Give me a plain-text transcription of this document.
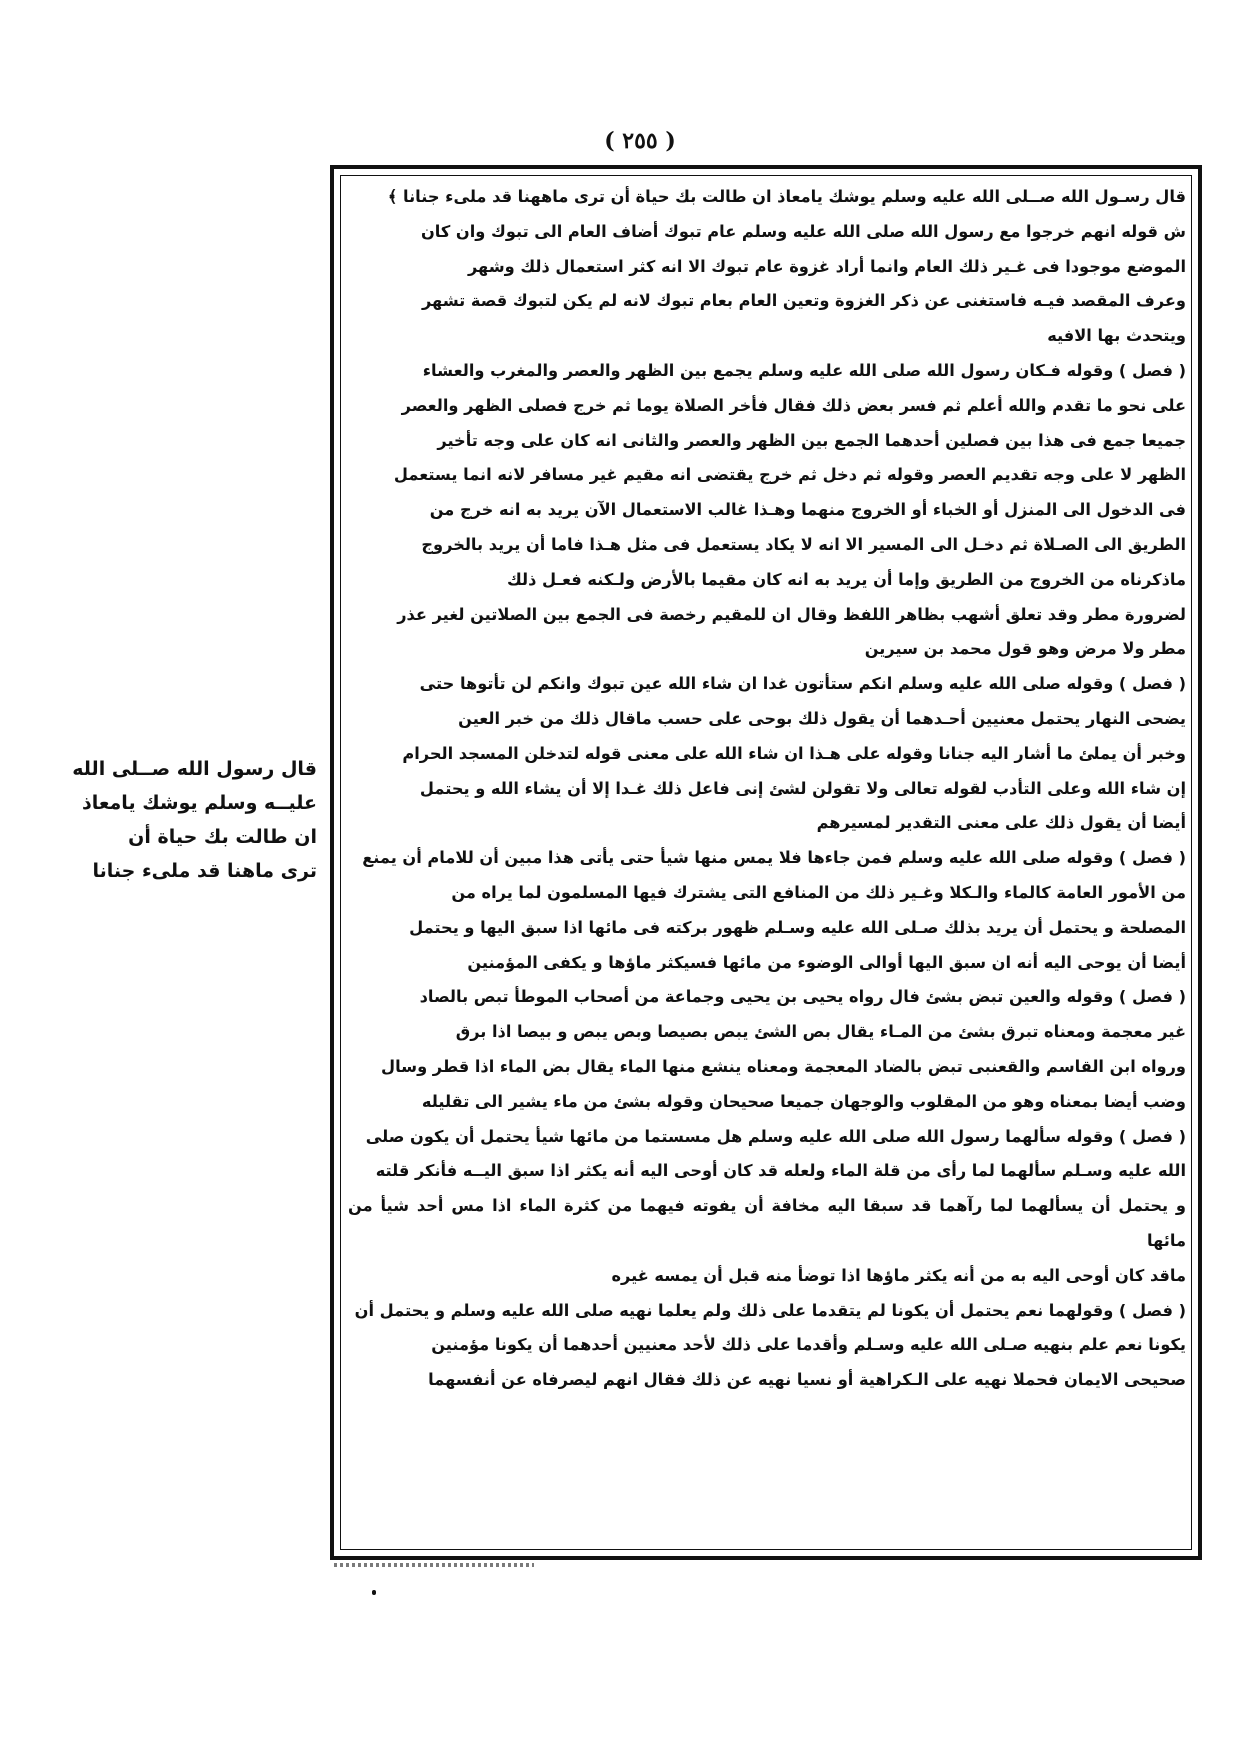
( ٢٥٥ )

قال رسـول الله صــلى الله عليه وسلم يوشك يامعاذ ان طالت بك حياة أن ترى ماههنا قد ملىء جنانا ﴾

ش قوله انهم خرجوا مع رسول الله صلى الله عليه وسلم عام تبوك أضاف العام الى تبوك وان كان

الموضع موجودا فى غـير ذلك العام وانما أراد غزوة عام تبوك الا انه كثر استعمال ذلك وشهر

وعرف المقصد فيـه فاستغنى عن ذكر الغزوة وتعين العام بعام تبوك لانه لم يكن لتبوك قصة تشهر

ويتحدث بها الافيه

( فصل ) وقوله فـكان رسول الله صلى الله عليه وسلم يجمع بين الظهر والعصر والمغرب والعشاء

على نحو ما تقدم والله أعلم ثم فسر بعض ذلك فقال فأخر الصلاة يوما ثم خرج فصلى الظهر والعصر

جميعا جمع فى هذا بين فصلين أحدهما الجمع بين الظهر والعصر والثانى انه كان على وجه تأخير

الظهر لا على وجه تقديم العصر وقوله ثم دخل ثم خرج يقتضى انه مقيم غير مسافر لانه انما يستعمل

فى الدخول الى المنزل أو الخباء أو الخروج منهما وهـذا غالب الاستعمال الآن يريد به انه خرج من

الطريق الى الصـلاة ثم دخـل الى المسير الا انه لا يكاد يستعمل فى مثل هـذا فاما أن يريد بالخروج

ماذكرناه من الخروج من الطريق وإما أن يريد به انه كان مقيما بالأرض ولـكنه فعـل ذلك

لضرورة مطر وقد تعلق أشهب بظاهر اللفظ وقال ان للمقيم رخصة فى الجمع بين الصلاتين لغير عذر

مطر ولا مرض وهو قول محمد بن سيرين

( فصل ) وقوله صلى الله عليه وسلم انكم ستأتون غدا ان شاء الله عين تبوك وانكم لن تأتوها حتى

يضحى النهار يحتمل معنيين أحـدهما أن يقول ذلك بوحى على حسب ماقال ذلك من خبر العين

وخبر أن يملئ ما أشار اليه جنانا وقوله على هـذا ان شاء الله على معنى قوله لتدخلن المسجد الحرام

إن شاء الله وعلى التأدب لقوله تعالى ولا تقولن لشئ إنى فاعل ذلك غـدا إلا أن يشاء الله و يحتمل

أيضا أن يقول ذلك على معنى التقدير لمسيرهم

( فصل ) وقوله صلى الله عليه وسلم فمن جاءها فلا يمس منها شيأ حتى يأتى هذا مبين أن للامام أن يمنع

من الأمور العامة كالماء والـكلا وغـير ذلك من المنافع التى يشترك فيها المسلمون لما يراه من

المصلحة و يحتمل أن يريد بذلك صـلى الله عليه وسـلم ظهور بركته فى مائها اذا سبق اليها و يحتمل

أيضا أن يوحى اليه أنه ان سبق اليها أوالى الوضوء من مائها فسيكثر ماؤها و يكفى المؤمنين

( فصل ) وقوله والعين تبض بشئ فال رواه يحيى بن يحيى وجماعة من أصحاب الموطأ تبص بالصاد

غير معجمة ومعناه تبرق بشئ من المـاء يقال بص الشئ يبص بصيصا وبص يبص و بيصا اذا برق

ورواه ابن القاسم والقعنبى تبض بالضاد المعجمة ومعناه ينشع منها الماء يقال بض الماء اذا قطر وسال

وضب أيضا بمعناه وهو من المقلوب والوجهان جميعا صحيحان وقوله بشئ من ماء يشير الى تقليله

( فصل ) وقوله سألهما رسول الله صلى الله عليه وسلم هل مسستما من مائها شيأ يحتمل أن يكون صلى

الله عليه وسـلم سألهما لما رأى من قلة الماء ولعله قد كان أوحى اليه أنه يكثر اذا سبق اليــه فأنكر قلته

و يحتمل أن يسألهما لما رآهما قد سبقا اليه مخافة أن يفوته فيهما من كثرة الماء اذا مس أحد شيأ من مائها

ماقد كان أوحى اليه به من أنه يكثر ماؤها اذا توضأ منه قبل أن يمسه غيره

( فصل ) وقولهما نعم يحتمل أن يكونا لم يتقدما على ذلك ولم يعلما نهيه صلى الله عليه وسلم و يحتمل أن

يكونا نعم علم بنهيه صـلى الله عليه وسـلم وأقدما على ذلك لأحد معنيين أحدهما أن يكونا مؤمنين

صحيحى الايمان فحملا نهيه على الـكراهية أو نسيا نهيه عن ذلك فقال انهم ليصرفاه عن أنفسهما

قال رسول الله صــلى الله
عليــه وسلم يوشك يامعاذ
ان طالت بك حياة أن
ترى ماهنا قد ملىء جنانا
